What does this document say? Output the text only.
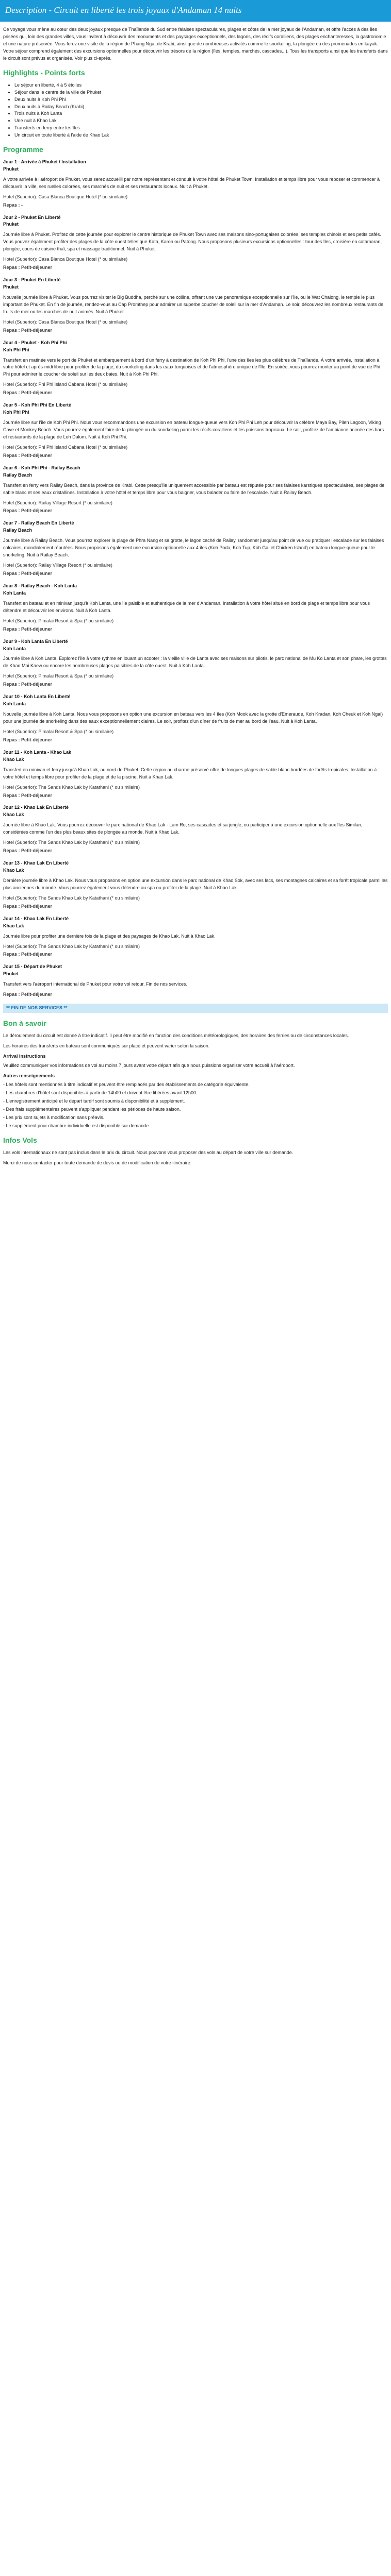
Description - Circuit en liberté les trois joyaux d'Andaman 14 nuits

Ce voyage vous mène au cœur des deux joyaux presque de Thaïlande du Sud entre falaises spectaculaires, plages et côtes de la mer joyaux de l'Andaman, et offre l'accès à des îles prisées qui, loin des grandes villes, vous invitent à découvrir des monuments et des paysages exceptionnels, des lagons, des récifs coralliens, des plages enchanteresses, la gastronomie et une nature préservée. Vous ferez une visite de la région de Phang Nga, de Krabi, ainsi que de nombreuses activités comme le snorkeling, la plongée ou des promenades en kayak. Votre séjour comprend également des excursions optionnelles pour découvrir les trésors de la région (îles, temples, marchés, cascades...). Tous les transports ainsi que les transferts dans le circuit sont prévus et organisés. Voir plus ci-après.

Highlights - Points forts
• Le séjour en liberté, 4 à 5 étoiles
• Séjour dans le centre de la ville de Phuket
• Deux nuits à Koh Phi Phi
• Deux nuits à Railay Beach (Krabi)
• Trois nuits à Koh Lanta
• Une nuit à Khao Lak
• Transferts en ferry entre les îles
• Un circuit en toute liberté à l'aide de Khao Lak
Programme
Jour 1 - Arrivée à Phuket / Installation
Phuket

À votre arrivée à l'aéroport de Phuket, vous serez accueilli par notre représentant et conduit à votre hôtel de Phuket Town. Installation et temps libre pour vous reposer et commencer à découvrir la ville, ses ruelles colorées, ses marchés de nuit et ses restaurants locaux. Nuit à Phuket.

Hotel (Superior): Casa Blanca Boutique Hotel (* ou similaire)
Repas : -
Jour 2 - Phuket En Liberté
Phuket

Journée libre à Phuket. Profitez de cette journée pour explorer le centre historique de Phuket Town avec ses maisons sino-portugaises colorées, ses temples chinois et ses petits cafés. Vous pouvez également profiter des plages de la côte ouest telles que Kata, Karon ou Patong. Nous proposons plusieurs excursions optionnelles : tour des îles, croisière en catamaran, plongée, cours de cuisine thaï, spa et massage traditionnel. Nuit à Phuket.

Hotel (Superior): Casa Blanca Boutique Hotel (* ou similaire)
Repas : Petit-déjeuner
Jour 3 - Phuket En Liberté
Phuket

Nouvelle journée libre à Phuket. Vous pourrez visiter le Big Buddha, perché sur une colline, offrant une vue panoramique exceptionnelle sur l'île, ou le Wat Chalong, le temple le plus important de Phuket. En fin de journée, rendez-vous au Cap Promthep pour admirer un superbe coucher de soleil sur la mer d'Andaman. Le soir, découvrez les nombreux restaurants de fruits de mer ou les marchés de nuit animés. Nuit à Phuket.

Hotel (Superior): Casa Blanca Boutique Hotel (* ou similaire)
Repas : Petit-déjeuner
Jour 4 - Phuket - Koh Phi Phi
Koh Phi Phi

Transfert en matinée vers le port de Phuket et embarquement à bord d'un ferry à destination de Koh Phi Phi, l'une des îles les plus célèbres de Thaïlande. À votre arrivée, installation à votre hôtel et après-midi libre pour profiter de la plage, du snorkeling dans les eaux turquoises et de l'atmosphère unique de l'île. En soirée, vous pourrez monter au point de vue de Phi Phi pour admirer le coucher de soleil sur les deux baies. Nuit à Koh Phi Phi.

Hotel (Superior): Phi Phi Island Cabana Hotel (* ou similaire)
Repas : Petit-déjeuner
Jour 5 - Koh Phi Phi En Liberté
Koh Phi Phi

Journée libre sur l'île de Koh Phi Phi. Nous vous recommandons une excursion en bateau longue-queue vers Koh Phi Phi Leh pour découvrir la célèbre Maya Bay, Pileh Lagoon, Viking Cave et Monkey Beach. Vous pourrez également faire de la plongée ou du snorkeling parmi les récifs coralliens et les poissons tropicaux. Le soir, profitez de l'ambiance animée des bars et restaurants de la plage de Loh Dalum. Nuit à Koh Phi Phi.

Hotel (Superior): Phi Phi Island Cabana Hotel (* ou similaire)
Repas : Petit-déjeuner
Jour 6 - Koh Phi Phi - Railay Beach
Railay Beach

Transfert en ferry vers Railay Beach, dans la province de Krabi. Cette presqu'île uniquement accessible par bateau est réputée pour ses falaises karstiques spectaculaires, ses plages de sable blanc et ses eaux cristallines. Installation à votre hôtel et temps libre pour vous baigner, vous balader ou faire de l'escalade. Nuit à Railay Beach.

Hotel (Superior): Railay Village Resort (* ou similaire)
Repas : Petit-déjeuner
Jour 7 - Railay Beach En Liberté
Railay Beach

Journée libre à Railay Beach. Vous pourrez explorer la plage de Phra Nang et sa grotte, le lagon caché de Railay, randonner jusqu'au point de vue ou pratiquer l'escalade sur les falaises calcaires, mondialement réputées. Nous proposons également une excursion optionnelle aux 4 îles (Koh Poda, Koh Tup, Koh Gai et Chicken Island) en bateau longue-queue pour le snorkeling. Nuit à Railay Beach.

Hotel (Superior): Railay Village Resort (* ou similaire)
Repas : Petit-déjeuner
Jour 8 - Railay Beach - Koh Lanta
Koh Lanta

Transfert en bateau et en minivan jusqu'à Koh Lanta, une île paisible et authentique de la mer d'Andaman. Installation à votre hôtel situé en bord de plage et temps libre pour vous détendre et découvrir les environs. Nuit à Koh Lanta.

Hotel (Superior): Pimalai Resort & Spa (* ou similaire)
Repas : Petit-déjeuner
Jour 9 - Koh Lanta En Liberté
Koh Lanta

Journée libre à Koh Lanta. Explorez l'île à votre rythme en louant un scooter : la vieille ville de Lanta avec ses maisons sur pilotis, le parc national de Mu Ko Lanta et son phare, les grottes de Khao Mai Kaew ou encore les nombreuses plages paisibles de la côte ouest. Nuit à Koh Lanta.

Hotel (Superior): Pimalai Resort & Spa (* ou similaire)
Repas : Petit-déjeuner
Jour 10 - Koh Lanta En Liberté
Koh Lanta

Nouvelle journée libre à Koh Lanta. Nous vous proposons en option une excursion en bateau vers les 4 îles (Koh Mook avec la grotte d'Emeraude, Koh Kradan, Koh Cheuk et Koh Ngai) pour une journée de snorkeling dans des eaux exceptionnellement claires. Le soir, profitez d'un dîner de fruits de mer au bord de l'eau. Nuit à Koh Lanta.

Hotel (Superior): Pimalai Resort & Spa (* ou similaire)
Repas : Petit-déjeuner
Jour 11 - Koh Lanta - Khao Lak
Khao Lak

Transfert en minivan et ferry jusqu'à Khao Lak, au nord de Phuket. Cette région au charme préservé offre de longues plages de sable blanc bordées de forêts tropicales. Installation à votre hôtel et temps libre pour profiter de la plage et de la piscine. Nuit à Khao Lak.

Hotel (Superior): The Sands Khao Lak by Katathani (* ou similaire)
Repas : Petit-déjeuner
Jour 12 - Khao Lak En Liberté
Khao Lak

Journée libre à Khao Lak. Vous pourrez découvrir le parc national de Khao Lak - Lam Ru, ses cascades et sa jungle, ou participer à une excursion optionnelle aux îles Similan, considérées comme l'un des plus beaux sites de plongée au monde. Nuit à Khao Lak.

Hotel (Superior): The Sands Khao Lak by Katathani (* ou similaire)
Repas : Petit-déjeuner
Jour 13 - Khao Lak En Liberté
Khao Lak

Dernière journée libre à Khao Lak. Nous vous proposons en option une excursion dans le parc national de Khao Sok, avec ses lacs, ses montagnes calcaires et sa forêt tropicale parmi les plus anciennes du monde. Vous pourrez également vous détendre au spa ou profiter de la plage. Nuit à Khao Lak.

Hotel (Superior): The Sands Khao Lak by Katathani (* ou similaire)
Repas : Petit-déjeuner
Jour 14 - Khao Lak En Liberté
Khao Lak

Journée libre pour profiter une dernière fois de la plage et des paysages de Khao Lak. Nuit à Khao Lak.

Hotel (Superior): The Sands Khao Lak by Katathani (* ou similaire)
Repas : Petit-déjeuner
Jour 15 - Départ de Phuket
Phuket

Transfert vers l'aéroport international de Phuket pour votre vol retour. Fin de nos services.

Repas : Petit-déjeuner
** FIN DE NOS SERVICES **
Bon à savoir

Le déroulement du circuit est donné à titre indicatif. Il peut être modifié en fonction des conditions météorologiques, des horaires des ferries ou de circonstances locales.

Les horaires des transferts en bateau sont communiqués sur place et peuvent varier selon la saison.

Arrival Instructions

Veuillez communiquer vos informations de vol au moins 7 jours avant votre départ afin que nous puissions organiser votre accueil à l'aéroport.

Autres renseignements
- Les hôtels sont mentionnés à titre indicatif et peuvent être remplacés par des établissements de catégorie équivalente.
- Les chambres d'hôtel sont disponibles à partir de 14h00 et doivent être libérées avant 12h00.
- L'enregistrement anticipé et le départ tardif sont soumis à disponibilité et à supplément.
- Des frais supplémentaires peuvent s'appliquer pendant les périodes de haute saison.
- Les prix sont sujets à modification sans préavis.
- Le supplément pour chambre individuelle est disponible sur demande.
Infos Vols

Les vols internationaux ne sont pas inclus dans le prix du circuit. Nous pouvons vous proposer des vols au départ de votre ville sur demande.

Merci de nous contacter pour toute demande de devis ou de modification de votre itinéraire.
